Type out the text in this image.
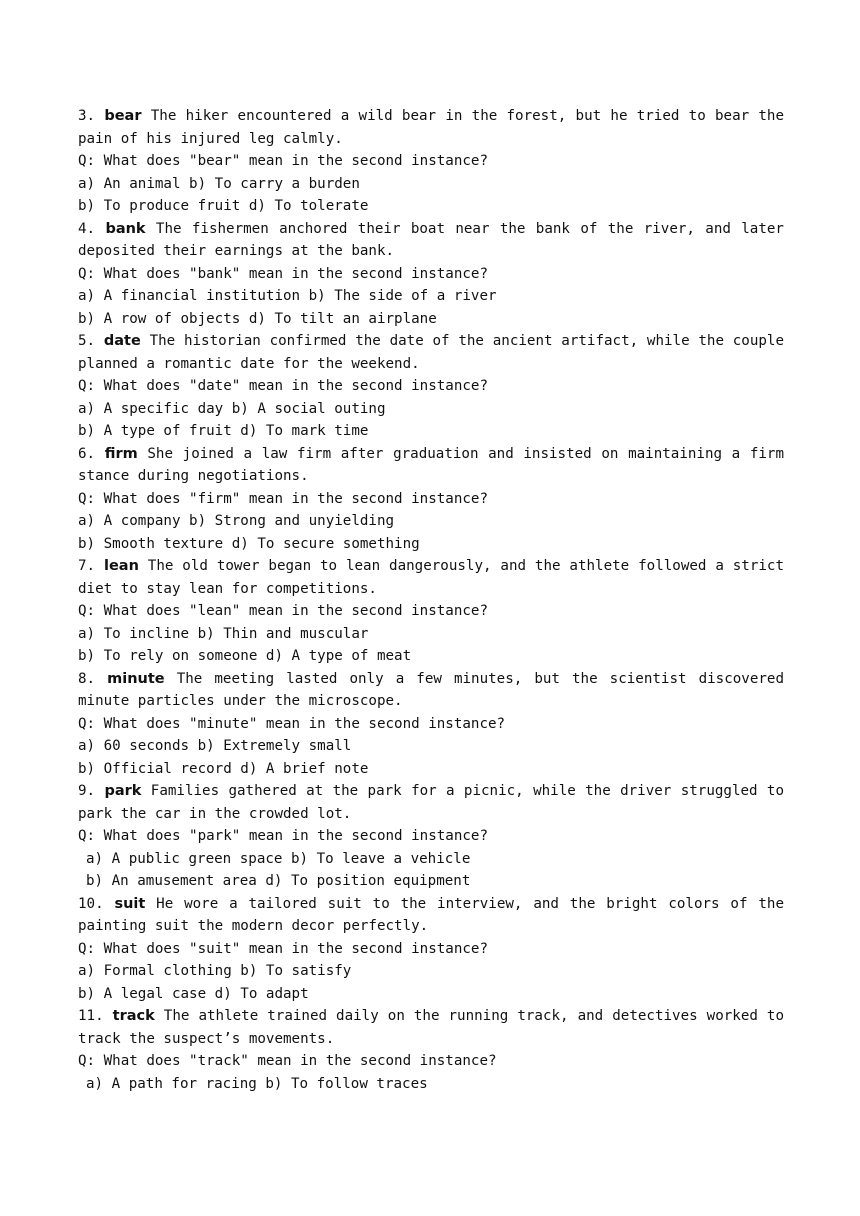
3. bear The hiker encountered a wild bear in the forest, but he tried to bear the pain of his injured leg calmly.
Q: What does "bear" mean in the second instance?
a) An animal b) To carry a burden
b) To produce fruit d) To tolerate
4. bank The fishermen anchored their boat near the bank of the river, and later deposited their earnings at the bank.
Q: What does "bank" mean in the second instance?
a) A financial institution b) The side of a river
b) A row of objects d) To tilt an airplane
5. date The historian confirmed the date of the ancient artifact, while the couple planned a romantic date for the weekend.
Q: What does "date" mean in the second instance?
a) A specific day b) A social outing
b) A type of fruit d) To mark time
6. firm She joined a law firm after graduation and insisted on maintaining a firm stance during negotiations.
Q: What does "firm" mean in the second instance?
a) A company b) Strong and unyielding
b) Smooth texture d) To secure something
7. lean The old tower began to lean dangerously, and the athlete followed a strict diet to stay lean for competitions.
Q: What does "lean" mean in the second instance?
a) To incline b) Thin and muscular
b) To rely on someone d) A type of meat
8. minute The meeting lasted only a few minutes, but the scientist discovered minute particles under the microscope.
Q: What does "minute" mean in the second instance?
a) 60 seconds b) Extremely small
b) Official record d) A brief note
9. park Families gathered at the park for a picnic, while the driver struggled to park the car in the crowded lot.
Q: What does "park" mean in the second instance?
a) A public green space b) To leave a vehicle
b) An amusement area d) To position equipment
10. suit He wore a tailored suit to the interview, and the bright colors of the painting suit the modern decor perfectly.
Q: What does "suit" mean in the second instance?
a) Formal clothing b) To satisfy
b) A legal case d) To adapt
11. track The athlete trained daily on the running track, and detectives worked to track the suspect’s movements.
Q: What does "track" mean in the second instance?
a) A path for racing b) To follow traces
